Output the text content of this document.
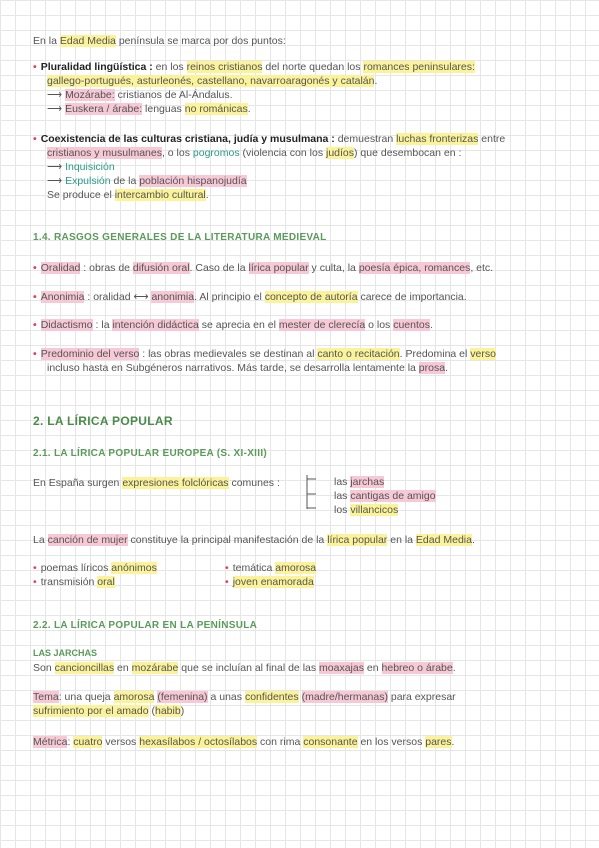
En la Edad Media península se marca por dos puntos:
• Pluralidad lingüística : en los reinos cristianos del norte quedan los romances peninsulares:
gallego-portugués, asturleonés, castellano, navarroaragonés y catalán.
⟶ Mozárabe: cristianos de Al-Ándalus.
⟶ Euskera / árabe: lenguas no románicas.
• Coexistencia de las culturas cristiana, judía y musulmana : demuestran luchas fronterizas entre
cristianos y musulmanes, o los pogromos (violencia con los judíos) que desembocan en :
⟶ Inquisición
⟶ Expulsión de la población hispanojudía
Se produce el intercambio cultural.
1.4. RASGOS GENERALES DE LA LITERATURA MEDIEVAL
• Oralidad : obras de difusión oral. Caso de la lírica popular y culta, la poesía épica, romances, etc.
• Anonimia : oralidad ⟷ anonimia. Al principio el concepto de autoría carece de importancia.
• Didactismo : la intención didáctica se aprecia en el mester de clerecía o los cuentos.
• Predominio del verso : las obras medievales se destinan al canto o recitación. Predomina el verso
incluso hasta en Subgéneros narrativos. Más tarde, se desarrolla lentamente la prosa.
2. LA LÍRICA POPULAR
2.1. LA LÍRICA POPULAR EUROPEA (S. XI-XIII)
En España surgen expresiones folclóricas comunes :	las jarchas
las cantigas de amigo
los villancicos
La canción de mujer constituye la principal manifestación de la lírica popular en la Edad Media.
• poemas líricos anónimos
• transmisión oral
• temática amorosa
• joven enamorada
2.2. LA LÍRICA POPULAR EN LA PENÍNSULA
LAS JARCHAS
Son cancioncillas en mozárabe que se incluían al final de las moaxajas en hebreo o árabe.
Tema: una queja amorosa (femenina) a unas confidentes (madre/hermanas) para expresar
sufrimiento por el amado (habib)
Métrica: cuatro versos hexasílabos / octosílabos con rima consonante en los versos pares.
